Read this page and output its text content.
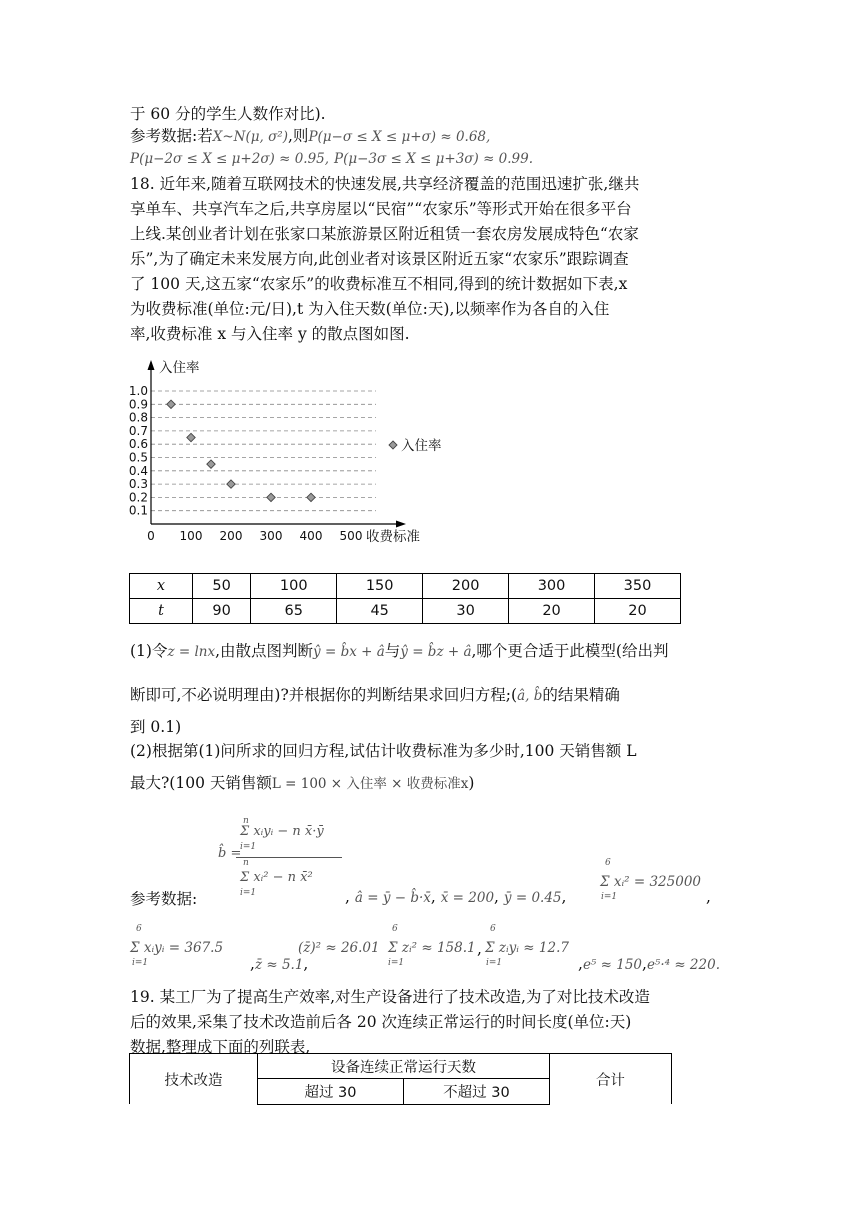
于 60 分的学生人数作对比).
参考数据:若X~N(μ, σ²),则P(μ−σ ≤ X ≤ μ+σ) ≈ 0.68,
P(μ−2σ ≤ X ≤ μ+2σ) ≈ 0.95, P(μ−3σ ≤ X ≤ μ+3σ) ≈ 0.99.
18. 近年来,随着互联网技术的快速发展,共享经济覆盖的范围迅速扩张,继共
享单车、共享汽车之后,共享房屋以“民宿”“农家乐”等形式开始在很多平台
上线.某创业者计划在张家口某旅游景区附近租赁一套农房发展成特色“农家
乐”,为了确定未来发展方向,此创业者对该景区附近五家“农家乐”跟踪调查
了 100 天,这五家“农家乐”的收费标准互不相同,得到的统计数据如下表,x
为收费标准(单位:元/日),t 为入住天数(单位:天),以频率作为各自的入住
率,收费标准 x 与入住率 y 的散点图如图.
0.1
0.2
0.3
0.4
0.5
0.6
0.7
0.8
0.9
1.0
0 100 200 300 400 500
入住率
收费标准
入住率
x	50	100	150	200	300	350
t	90	65	45	30	20	20
(1)令z = lnx,由散点图判断ŷ = b̂x + â与ŷ = b̂z + â,哪个更合适于此模型(给出判
断即可,不必说明理由)?并根据你的判断结果求回归方程;(â, b̂的结果精确
到 0.1)
(2)根据第(1)问所求的回归方程,试估计收费标准为多少时,100 天销售额 L
最大?(100 天销售额L = 100 × 入住率 × 收费标准x)
b̂ =
n
Σ xᵢyᵢ − n x̄·ȳ
i=1
n
Σ xᵢ² − n x̄²
i=1
参考数据:	, â = ȳ − b̂·x̄, x̄ = 200, ȳ = 0.45,
6
Σ xᵢ² = 325000
i=1	,
6
Σ xᵢyᵢ = 367.5
i=1	,z̄ ≈ 5.1,
(z̄)² ≈ 26.01
6
Σ zᵢ² ≈ 158.1
i=1
,
6
Σ zᵢyᵢ ≈ 12.7
i=1	,e⁵ ≈ 150,e⁵·⁴ ≈ 220.
19. 某工厂为了提高生产效率,对生产设备进行了技术改造,为了对比技术改造
后的效果,采集了技术改造前后各 20 次连续正常运行的时间长度(单位:天)
数据,整理成下面的列联表,
技术改造	设备连续正常运行天数		合计
	超过 30	不超过 30	
